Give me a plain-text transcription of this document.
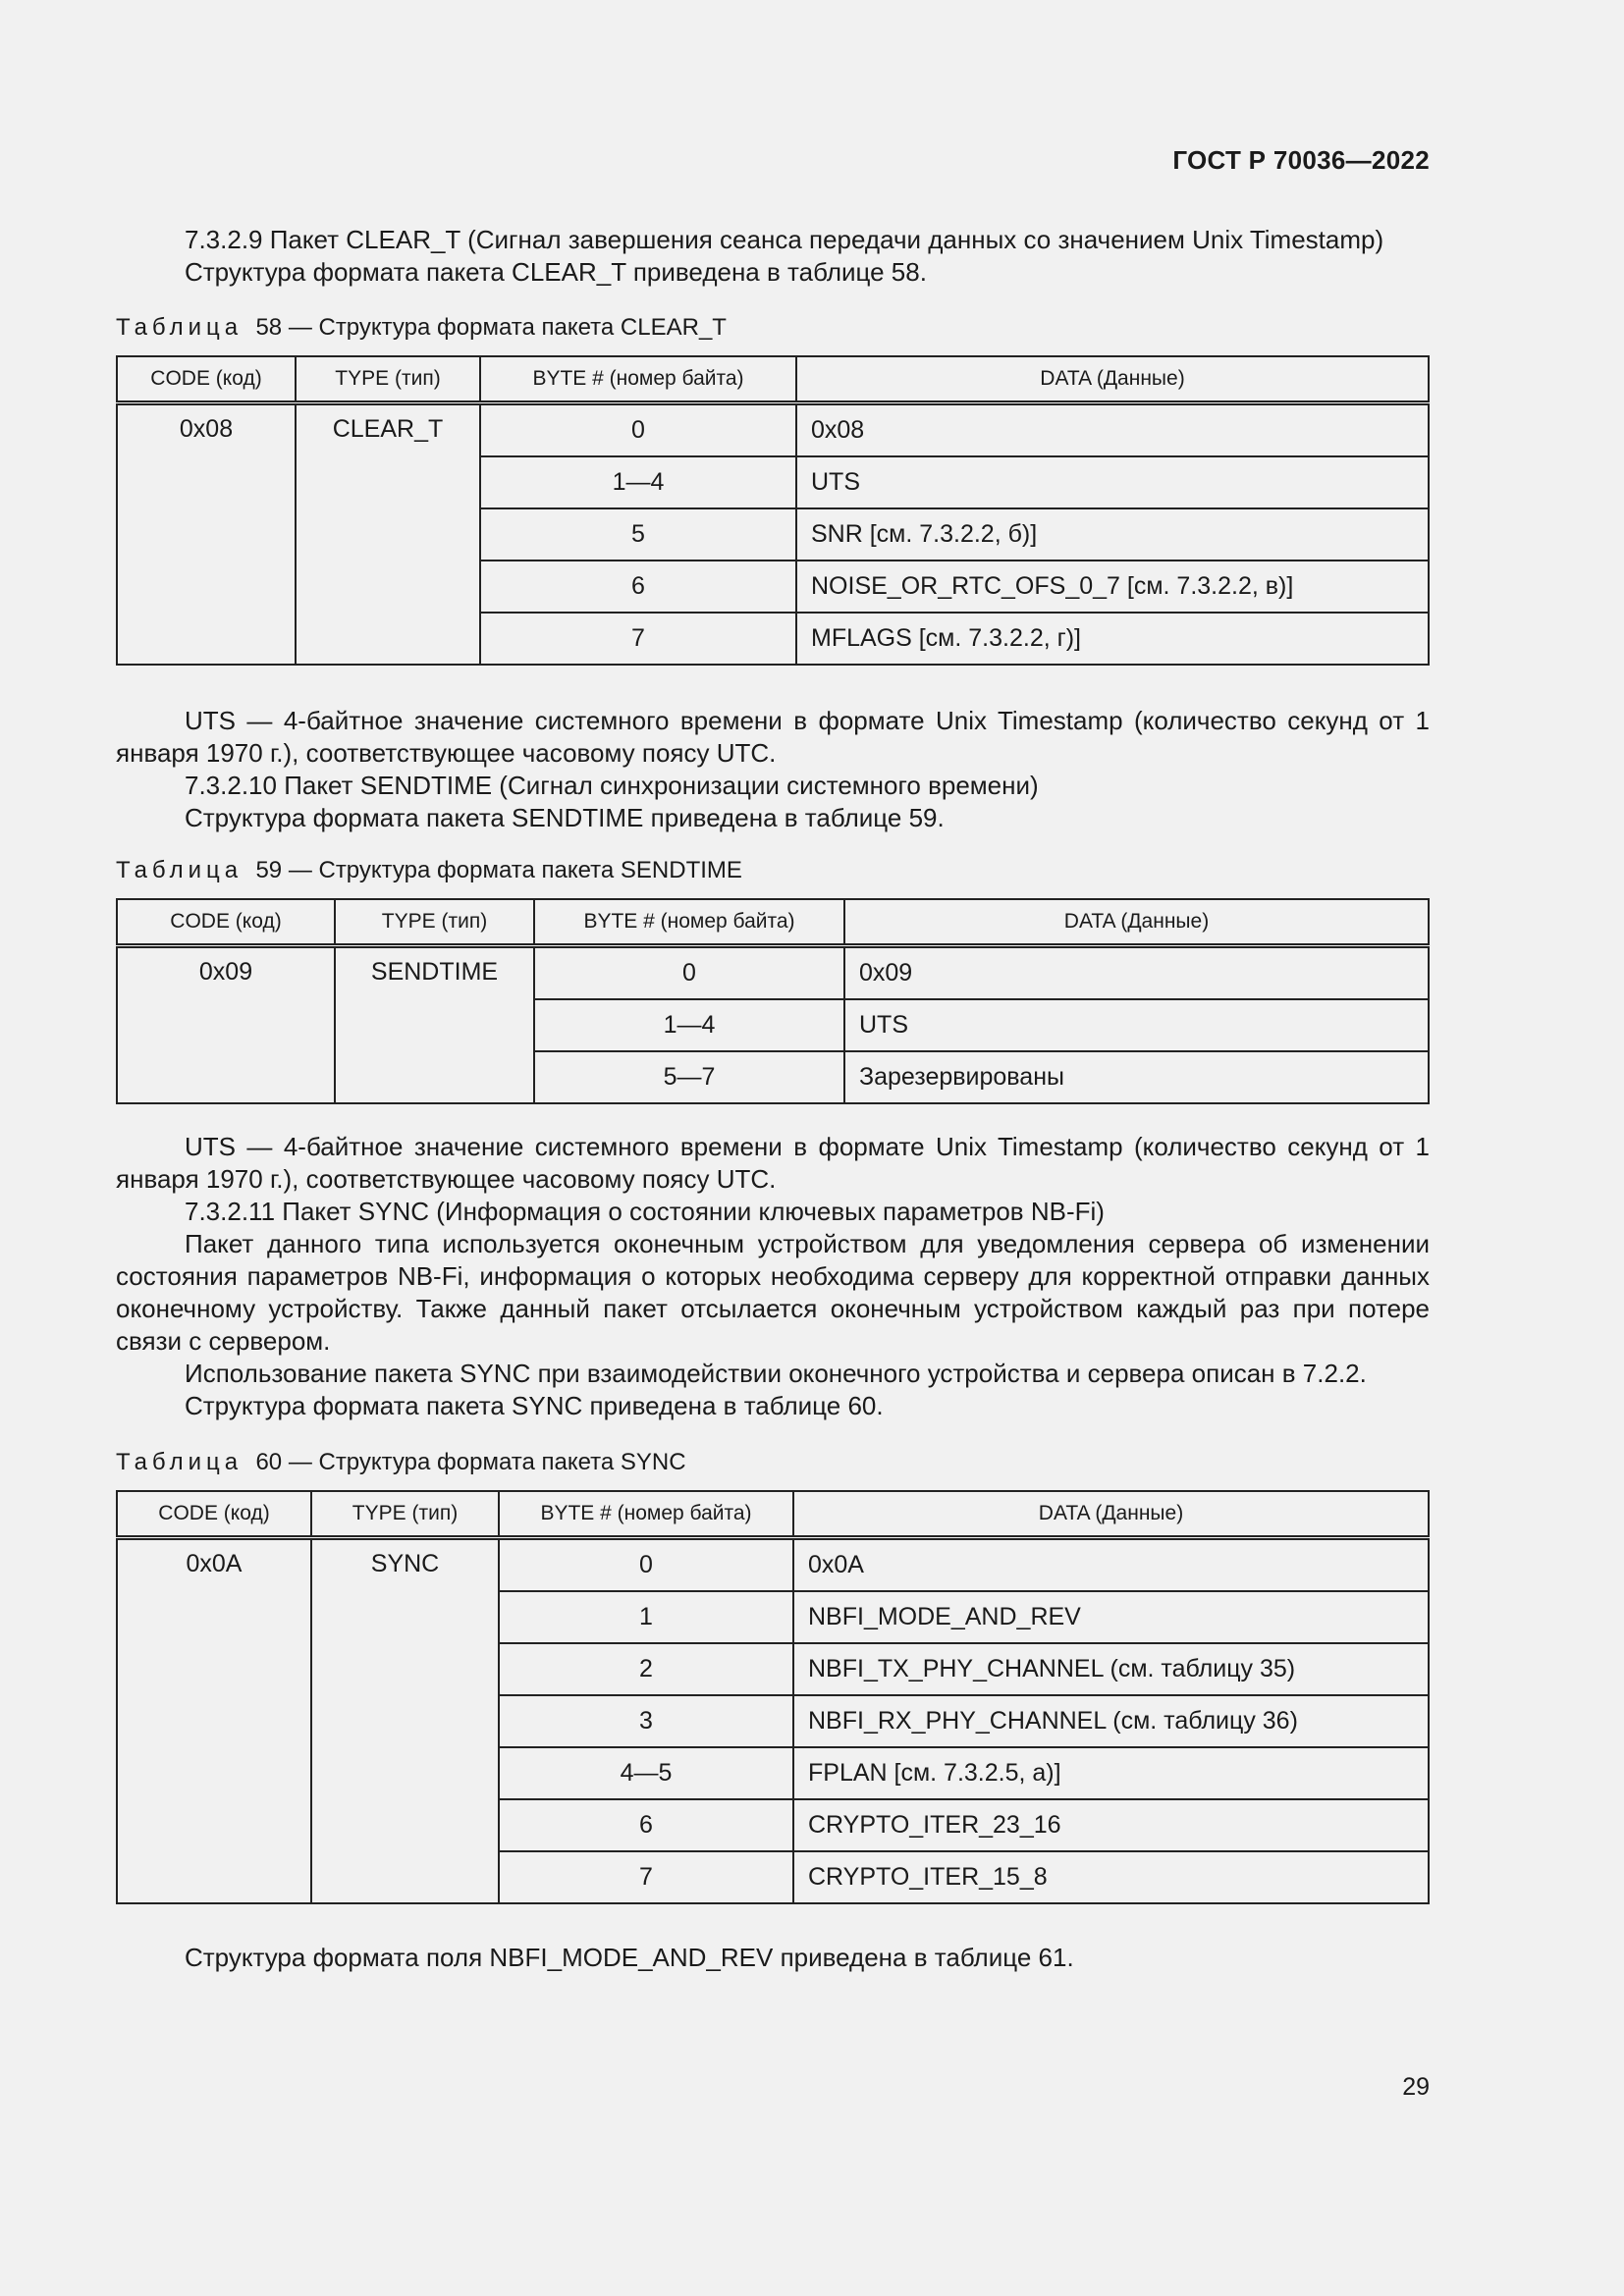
ГОСТ Р 70036—2022
7.3.2.9 Пакет CLEAR_T (Сигнал завершения сеанса передачи данных со значением Unix Timestamp)
Структура формата пакета CLEAR_T приведена в таблице 58.
Таблица 58 — Структура формата пакета CLEAR_T
CODE (код)	TYPE (тип)	BYTE # (номер байта)	DATA (Данные)
0x08	CLEAR_T	0	0x08
		1—4	UTS
		5	SNR [см. 7.3.2.2, б)]
		6	NOISE_OR_RTC_OFS_0_7 [см. 7.3.2.2, в)]
		7	MFLAGS [см. 7.3.2.2, г)]
UTS — 4-байтное значение системного времени в формате Unix Timestamp (количество секунд от 1 января 1970 г.), соответствующее часовому поясу UTC.
7.3.2.10 Пакет SENDTIME (Сигнал синхронизации системного времени)
Структура формата пакета SENDTIME приведена в таблице 59.
Таблица 59 — Структура формата пакета SENDTIME
CODE (код)	TYPE (тип)	BYTE # (номер байта)	DATA (Данные)
0x09	SENDTIME	0	0x09
		1—4	UTS
		5—7	Зарезервированы
UTS — 4-байтное значение системного времени в формате Unix Timestamp (количество секунд от 1 января 1970 г.), соответствующее часовому поясу UTC.
7.3.2.11 Пакет SYNC (Информация о состоянии ключевых параметров NB-Fi)
Пакет данного типа используется оконечным устройством для уведомления сервера об изменении состояния параметров NB-Fi, информация о которых необходима серверу для корректной отправки данных оконечному устройству. Также данный пакет отсылается оконечным устройством каждый раз при потере связи с сервером.
Использование пакета SYNC при взаимодействии оконечного устройства и сервера описан в 7.2.2.
Структура формата пакета SYNC приведена в таблице 60.
Таблица 60 — Структура формата пакета SYNC
CODE (код)	TYPE (тип)	BYTE # (номер байта)	DATA (Данные)
0x0A	SYNC	0	0x0A
		1	NBFI_MODE_AND_REV
		2	NBFI_TX_PHY_CHANNEL (см. таблицу 35)
		3	NBFI_RX_PHY_CHANNEL (см. таблицу 36)
		4—5	FPLAN [см. 7.3.2.5, а)]
		6	CRYPTO_ITER_23_16
		7	CRYPTO_ITER_15_8
Структура формата поля NBFI_MODE_AND_REV приведена в таблице 61.
29
